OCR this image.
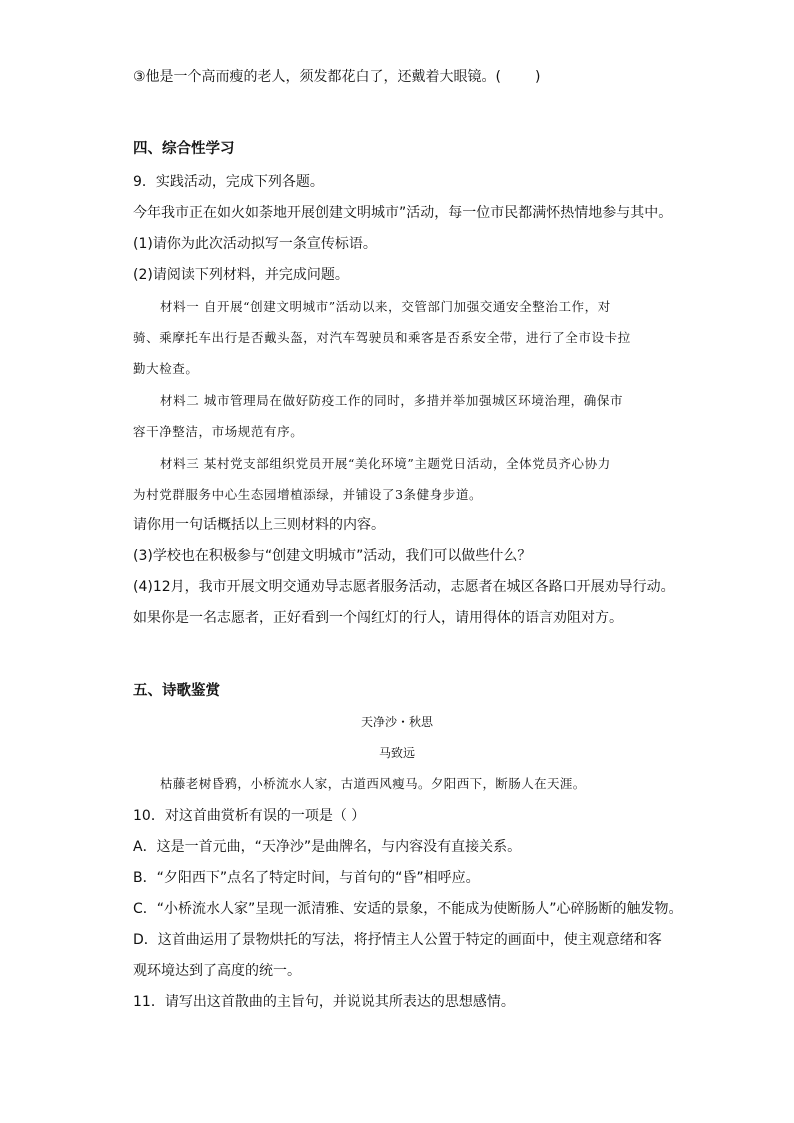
③他是一个高而瘦的老人，须发都花白了，还戴着大眼镜。( )
四、综合性学习
9．实践活动，完成下列各题。
今年我市正在如火如荼地开展创建文明城市”活动，每一位市民都满怀热情地参与其中。
(1)请你为此次活动拟写一条宣传标语。
(2)请阅读下列材料，并完成问题。
材料一 自开展“创建文明城市”活动以来，交管部门加强交通安全整治工作，对
骑、乘摩托车出行是否戴头盔，对汽车驾驶员和乘客是否系安全带，进行了全市设卡拉
勤大检查。
材料二 城市管理局在做好防疫工作的同时，多措并举加强城区环境治理，确保市
容干净整洁，市场规范有序。
材料三 某村党支部组织党员开展“美化环境”主题党日活动，全体党员齐心协力
为村党群服务中心生态园增植添绿，并铺设了3条健身步道。
请你用一句话概括以上三则材料的内容。
(3)学校也在积极参与“创建文明城市”活动，我们可以做些什么？
(4)12月，我市开展文明交通劝导志愿者服务活动，志愿者在城区各路口开展劝导行动。
如果你是一名志愿者，正好看到一个闯红灯的行人，请用得体的语言劝阻对方。
五、诗歌鉴赏
天净沙・秋思
马致远
枯藤老树昏鸦，小桥流水人家，古道西风瘦马。夕阳西下，断肠人在天涯。
10．对这首曲赏析有误的一项是（ ）
A．这是一首元曲，“天净沙”是曲牌名，与内容没有直接关系。
B．“夕阳西下”点名了特定时间，与首句的“昏”相呼应。
C．“小桥流水人家”呈现一派清雅、安适的景象，不能成为使断肠人”心碎肠断的触发物。
D．这首曲运用了景物烘托的写法，将抒情主人公置于特定的画面中，使主观意绪和客
观环境达到了高度的统一。
11．请写出这首散曲的主旨句，并说说其所表达的思想感情。
